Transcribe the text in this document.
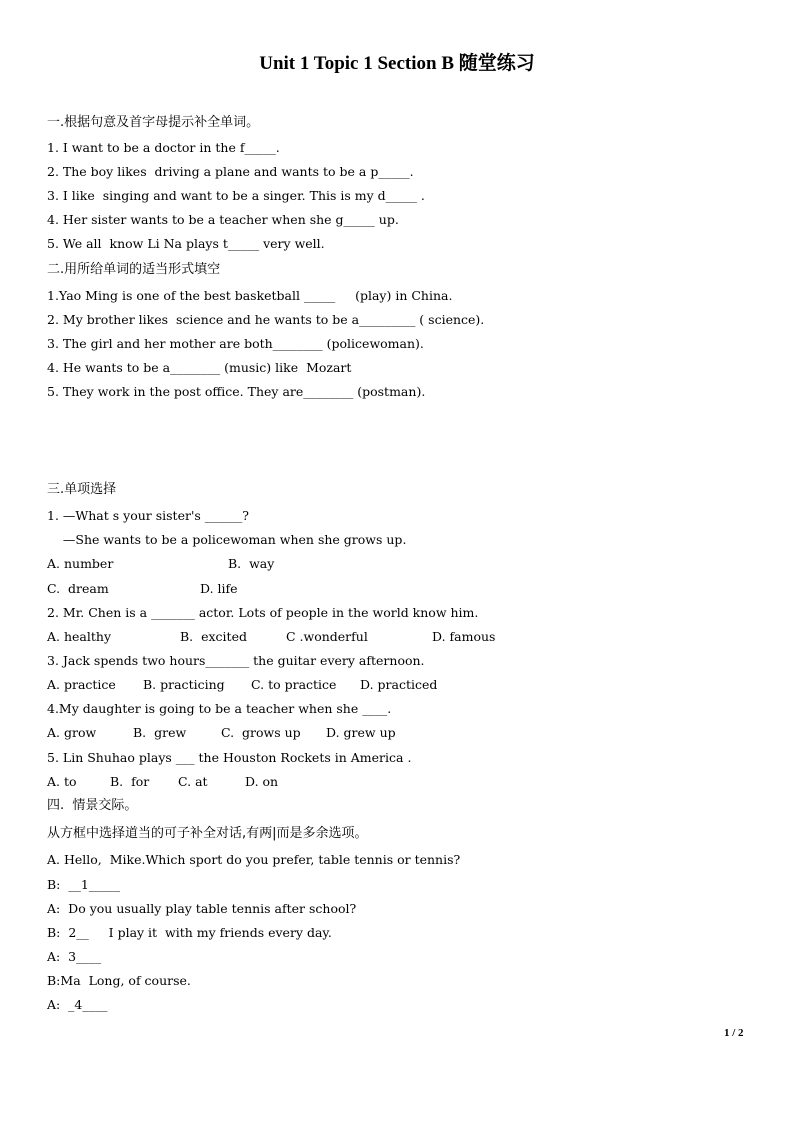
Unit 1 Topic 1 Section B 随堂练习
一.根据句意及首字母提示补全单词。
1. I want to be a doctor in the f_____.
2. The boy likes  driving a plane and wants to be a p_____.
3. I like  singing and want to be a singer. This is my d_____ .
4. Her sister wants to be a teacher when she g_____ up.
5. We all  know Li Na plays t_____ very well.
二.用所给单词的适当形式填空
1.Yao Ming is one of the best basketball _____     (play) in China.
2. My brother likes  science and he wants to be a_________ ( science).
3. The girl and her mother are both________ (policewoman).
4. He wants to be a________ (music) like  Mozart
5. They work in the post office. They are________ (postman).
三.单项选择
1. —What s your sister's ______?
—She wants to be a policewoman when she grows up.
A. number	B.  way
C.  dream	D. life
2. Mr. Chen is a _______ actor. Lots of people in the world know him.
A. healthy	B.  excited	C .wonderful	D. famous
3. Jack spends two hours_______ the guitar every afternoon.
A. practice B. practicing C. to practice D. practiced
4.My daughter is going to be a teacher when she ____.
A. grow	B.  grew	C.  grows up D. grew up
5. Lin Shuhao plays ___ the Houston Rockets in America .
A. to	B.  for C. at	D. on
四.  情景交际。
从方框中选择道当的可子补全对话,有两|而是多余选项。
A. Hello,  Mike.Which sport do you prefer, table tennis or tennis?
B:  __1_____
A:  Do you usually play table tennis after school?
B:  2__     I play it  with my friends every day.
A:  3____
B:Ma  Long, of course.
A:  _4____
1 / 2
